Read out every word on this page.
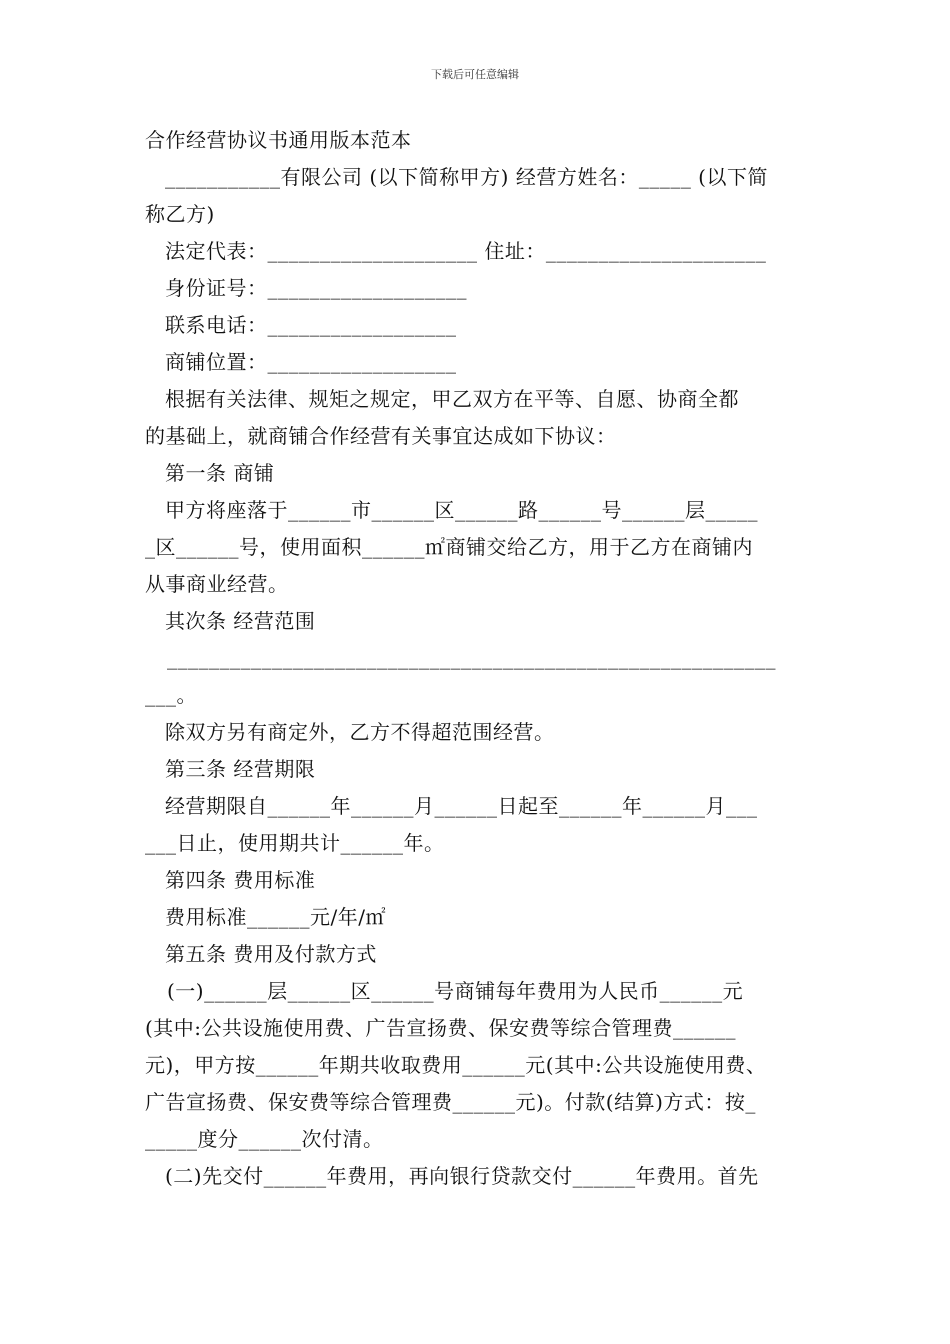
下载后可任意编辑
合作经营协议书通用版本范本
___________有限公司 (以下简称甲方) 经营方姓名：_____ (以下简
称乙方)
法定代表：____________________ 住址：_____________________
身份证号：___________________
联系电话：__________________
商铺位置：__________________
根据有关法律、规矩之规定，甲乙双方在平等、自愿、协商全都
的基础上，就商铺合作经营有关事宜达成如下协议：
第一条 商铺
甲方将座落于______市______区______路______号______层_____
_区______号，使用面积______㎡商铺交给乙方，用于乙方在商铺内
从事商业经营。
其次条 经营范围
__________________________________________________________
___。
除双方另有商定外，乙方不得超范围经营。
第三条 经营期限
经营期限自______年______月______日起至______年______月___
___日止，使用期共计______年。
第四条 费用标准
费用标准______元/年/㎡
第五条 费用及付款方式
(一)______层______区______号商铺每年费用为人民币______元
(其中:公共设施使用费、广告宣扬费、保安费等综合管理费______
元)，甲方按______年期共收取费用______元(其中:公共设施使用费、
广告宣扬费、保安费等综合管理费______元)。付款(结算)方式：按_
_____度分______次付清。
(二)先交付______年费用，再向银行贷款交付______年费用。首先
